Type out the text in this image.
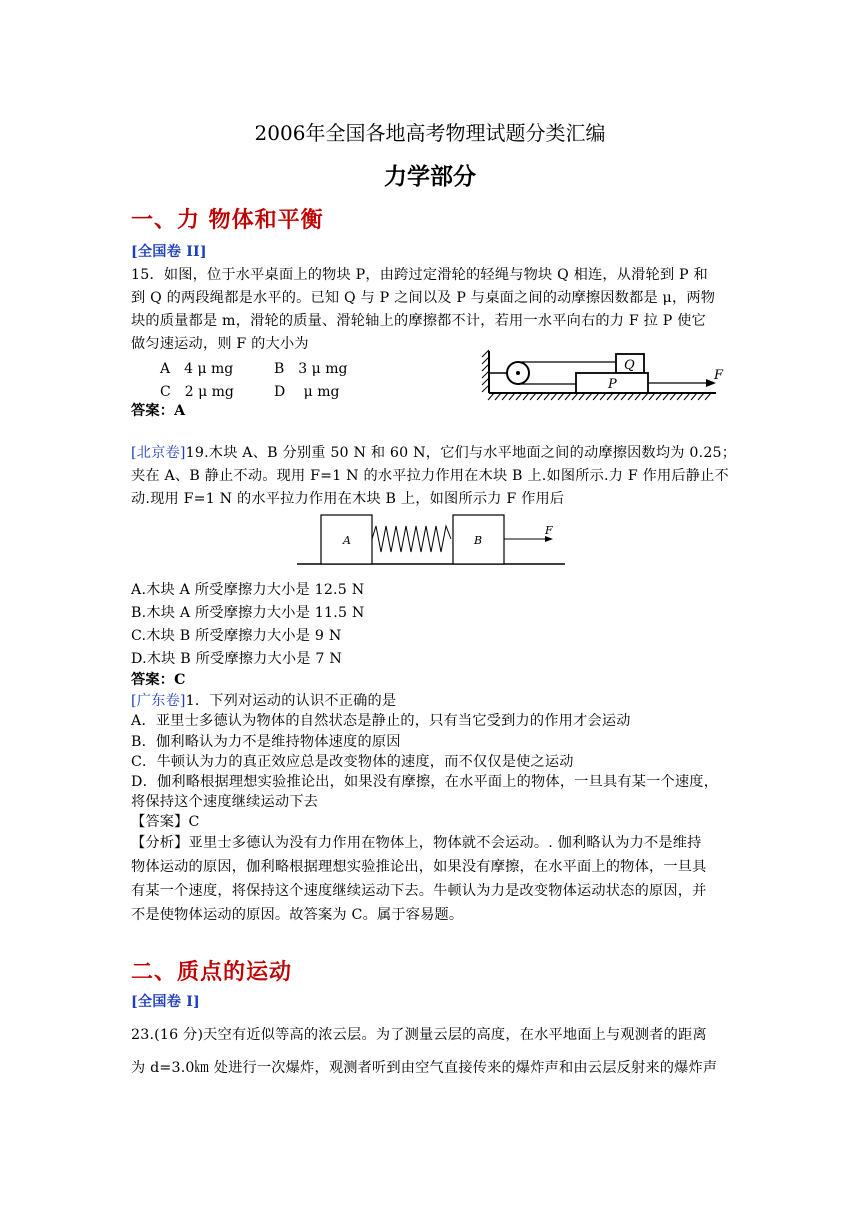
2006年全国各地高考物理试题分类汇编
力学部分
一、力 物体和平衡
[全国卷 II]
15．如图，位于水平桌面上的物块 P，由跨过定滑轮的轻绳与物块 Q 相连，从滑轮到 P 和
到 Q 的两段绳都是水平的。已知 Q 与 P 之间以及 P 与桌面之间的动摩擦因数都是 μ，两物
块的质量都是 m，滑轮的质量、滑轮轴上的摩擦都不计，若用一水平向右的力 F 拉 P 使它
做匀速运动，则 F 的大小为
A　4 μ mg	B　3 μ mg
C　2 μ mg	D　 μ mg
Q
P
F
答案：A
[北京卷]19.木块 A、B 分别重 50 N 和 60 N，它们与水平地面之间的动摩擦因数均为 0.25；
夹在 A、B 静止不动。现用 F=1 N 的水平拉力作用在木块 B 上.如图所示.力 F 作用后静止不
动.现用 F=1 N 的水平拉力作用在木块 B 上，如图所示力 F 作用后
A	B
F
A.木块 A 所受摩擦力大小是 12.5 N
B.木块 A 所受摩擦力大小是 11.5 N
C.木块 B 所受摩擦力大小是 9 N
D.木块 B 所受摩擦力大小是 7 N
答案：C
[广东卷]1．下列对运动的认识不正确的是
A．亚里士多德认为物体的自然状态是静止的，只有当它受到力的作用才会运动
B．伽利略认为力不是维持物体速度的原因
C．牛顿认为力的真正效应总是改变物体的速度，而不仅仅是使之运动
D．伽利略根据理想实验推论出，如果没有摩擦，在水平面上的物体，一旦具有某一个速度，
将保持这个速度继续运动下去
【答案】C
【分析】亚里士多德认为没有力作用在物体上，物体就不会运动。. 伽利略认为力不是维持
物体运动的原因，伽利略根据理想实验推论出，如果没有摩擦，在水平面上的物体，一旦具
有某一个速度，将保持这个速度继续运动下去。牛顿认为力是改变物体运动状态的原因，并
不是使物体运动的原因。故答案为 C。属于容易题。
二、质点的运动
[全国卷 I]
23.(16 分)天空有近似等高的浓云层。为了测量云层的高度，在水平地面上与观测者的距离
为 d=3.0㎞ 处进行一次爆炸，观测者听到由空气直接传来的爆炸声和由云层反射来的爆炸声
